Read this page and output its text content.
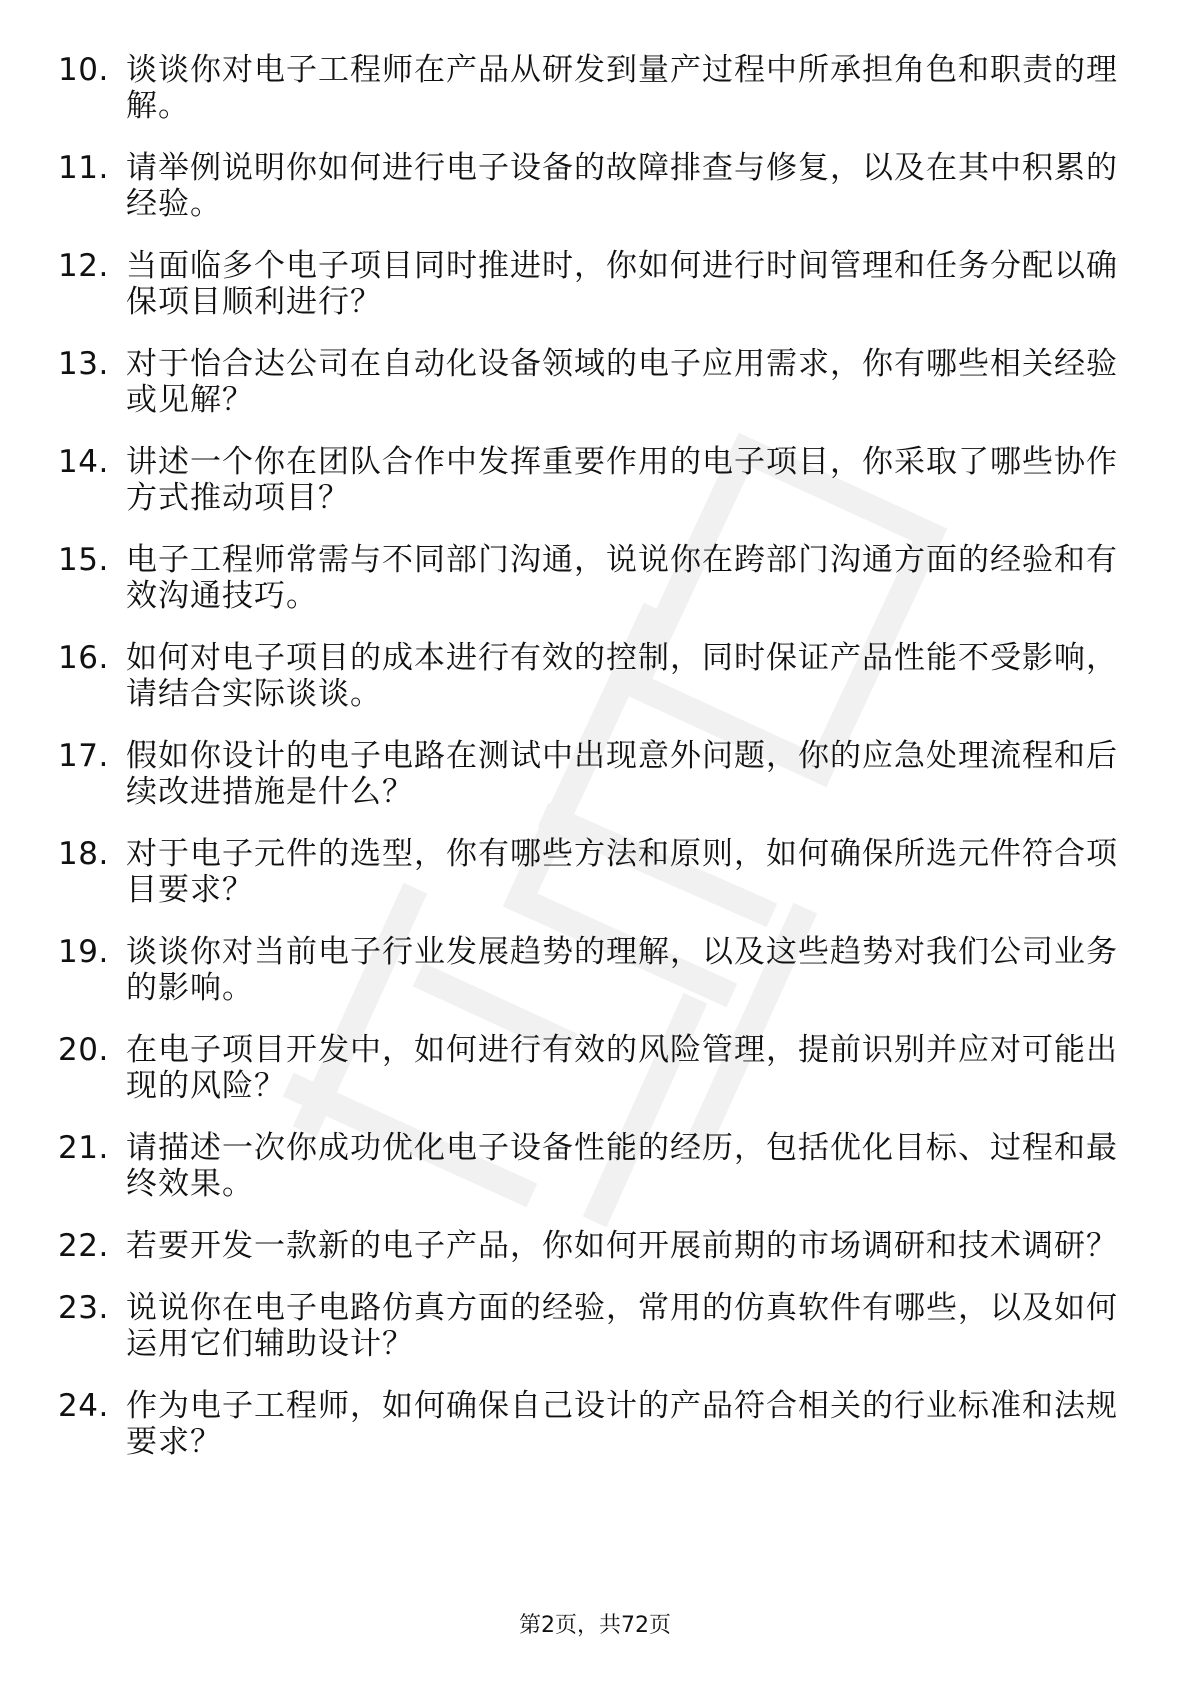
10. 谈谈你对电子工程师在产品从研发到量产过程中所承担角色和职责的理解。
11. 请举例说明你如何进行电子设备的故障排查与修复，以及在其中积累的经验。
12. 当面临多个电子项目同时推进时，你如何进行时间管理和任务分配以确保项目顺利进行？
13. 对于怡合达公司在自动化设备领域的电子应用需求，你有哪些相关经验或见解？
14. 讲述一个你在团队合作中发挥重要作用的电子项目，你采取了哪些协作方式推动项目？
15. 电子工程师常需与不同部门沟通，说说你在跨部门沟通方面的经验和有效沟通技巧。
16. 如何对电子项目的成本进行有效的控制，同时保证产品性能不受影响，请结合实际谈谈。
17. 假如你设计的电子电路在测试中出现意外问题，你的应急处理流程和后续改进措施是什么？
18. 对于电子元件的选型，你有哪些方法和原则，如何确保所选元件符合项目要求？
19. 谈谈你对当前电子行业发展趋势的理解，以及这些趋势对我们公司业务的影响。
20. 在电子项目开发中，如何进行有效的风险管理，提前识别并应对可能出现的风险？
21. 请描述一次你成功优化电子设备性能的经历，包括优化目标、过程和最终效果。
22. 若要开发一款新的电子产品，你如何开展前期的市场调研和技术调研？
23. 说说你在电子电路仿真方面的经验，常用的仿真软件有哪些，以及如何运用它们辅助设计？
24. 作为电子工程师，如何确保自己设计的产品符合相关的行业标准和法规要求？
第2页，共72页
